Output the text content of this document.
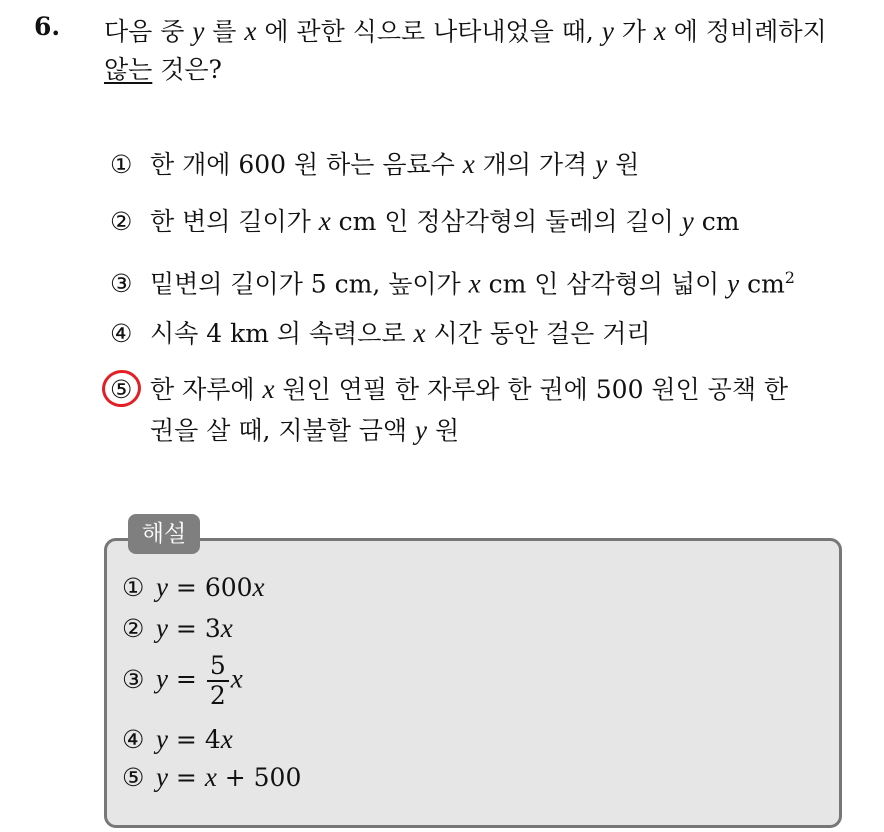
6. 다음 중 y 를 x 에 관한 식으로 나타내었을 때, y 가 x 에 정비례하지
않는 것은?
① 한 개에 600 원 하는 음료수 x 개의 가격 y 원
② 한 변의 길이가 x cm 인 정삼각형의 둘레의 길이 y cm
③ 밑변의 길이가 5 cm, 높이가 x cm 인 삼각형의 넓이 y $cm^2$
④ 시속 4 km 의 속력으로 x 시간 동안 걸은 거리
⑤ 한 자루에 x 원인 연필 한 자루와 한 권에 500 원인 공책 한
권을 살 때, 지불할 금액 y 원
해설
① y = 600x
② y = 3x
③ $y = \frac{5}{2}$ x
④ y = 4x
⑤ y = x + 500
